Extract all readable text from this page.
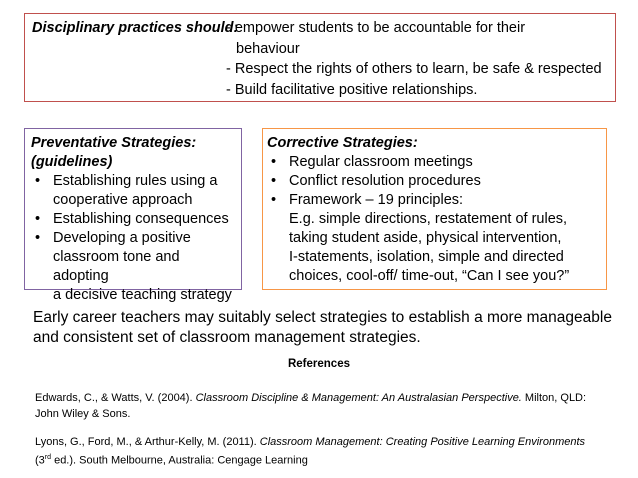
Disciplinary practices should:
- empower students to be accountable for their
behaviour
- Respect the rights of others to learn, be safe & respected
- Build facilitative positive relationships.
Preventative Strategies:
(guidelines)
• Establishing rules using a
cooperative approach
• Establishing consequences
• Developing a positive
classroom tone and adopting
a decisive teaching strategy
Corrective Strategies:
• Regular classroom meetings
• Conflict resolution procedures
• Framework – 19 principles:
E.g. simple directions, restatement of rules,
taking student aside, physical intervention,
I-statements, isolation, simple and directed
choices, cool-off/ time-out, “Can I see you?”
Early career teachers may suitably select strategies to establish a more manageable and consistent set of classroom management strategies.
References
Edwards, C., & Watts, V. (2004). Classroom Discipline & Management: An Australasian Perspective. Milton, QLD: John Wiley & Sons.
Lyons, G., Ford, M., & Arthur-Kelly, M. (2011). Classroom Management: Creating Positive Learning Environments (3rd ed.). South Melbourne, Australia: Cengage Learning
